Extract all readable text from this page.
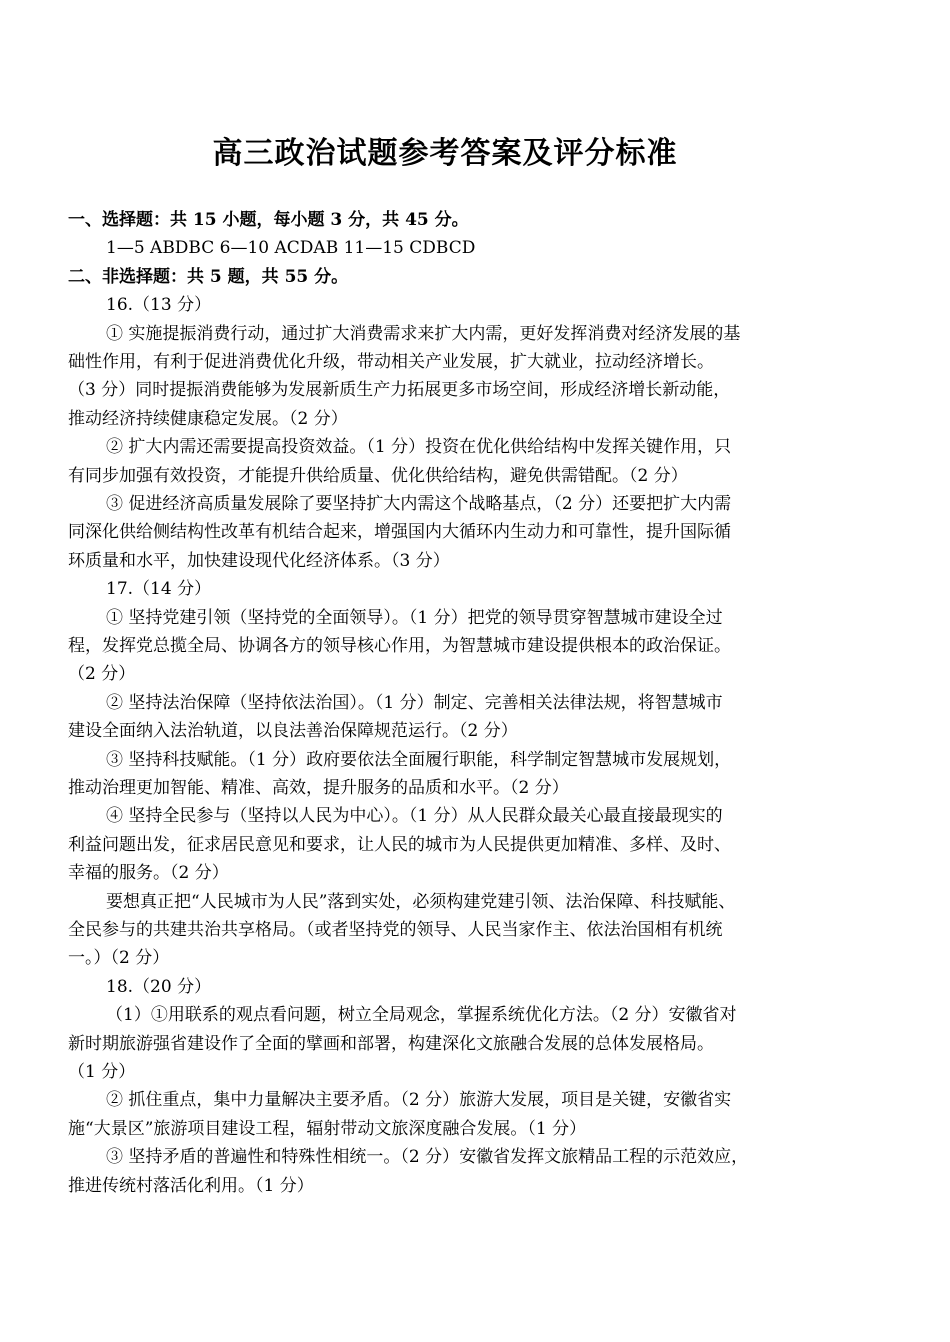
高三政治试题参考答案及评分标准
一、选择题：共 15 小题，每小题 3 分，共 45 分。
1—5 ABDBC 6—10 ACDAB 11—15 CDBCD
二、非选择题：共 5 题，共 55 分。
16.（13 分）
① 实施提振消费行动，通过扩大消费需求来扩大内需，更好发挥消费对经济发展的基
础性作用，有利于促进消费优化升级，带动相关产业发展，扩大就业，拉动经济增长。
（3 分）同时提振消费能够为发展新质生产力拓展更多市场空间，形成经济增长新动能，
推动经济持续健康稳定发展。（2 分）
② 扩大内需还需要提高投资效益。（1 分）投资在优化供给结构中发挥关键作用，只
有同步加强有效投资，才能提升供给质量、优化供给结构，避免供需错配。（2 分）
③ 促进经济高质量发展除了要坚持扩大内需这个战略基点，（2 分）还要把扩大内需
同深化供给侧结构性改革有机结合起来，增强国内大循环内生动力和可靠性，提升国际循
环质量和水平，加快建设现代化经济体系。（3 分）
17.（14 分）
① 坚持党建引领（坚持党的全面领导）。（1 分）把党的领导贯穿智慧城市建设全过
程，发挥党总揽全局、协调各方的领导核心作用，为智慧城市建设提供根本的政治保证。
（2 分）
② 坚持法治保障（坚持依法治国）。（1 分）制定、完善相关法律法规，将智慧城市
建设全面纳入法治轨道，以良法善治保障规范运行。（2 分）
③ 坚持科技赋能。（1 分）政府要依法全面履行职能，科学制定智慧城市发展规划，
推动治理更加智能、精准、高效，提升服务的品质和水平。（2 分）
④ 坚持全民参与（坚持以人民为中心）。（1 分）从人民群众最关心最直接最现实的
利益问题出发，征求居民意见和要求，让人民的城市为人民提供更加精准、多样、及时、
幸福的服务。（2 分）
要想真正把“人民城市为人民”落到实处，必须构建党建引领、法治保障、科技赋能、
全民参与的共建共治共享格局。（或者坚持党的领导、人民当家作主、依法治国相有机统
一。）（2 分）
18.（20 分）
（1）①用联系的观点看问题，树立全局观念，掌握系统优化方法。（2 分）安徽省对
新时期旅游强省建设作了全面的擘画和部署，构建深化文旅融合发展的总体发展格局。
（1 分）
② 抓住重点，集中力量解决主要矛盾。（2 分）旅游大发展，项目是关键，安徽省实
施“大景区”旅游项目建设工程，辐射带动文旅深度融合发展。（1 分）
③ 坚持矛盾的普遍性和特殊性相统一。（2 分）安徽省发挥文旅精品工程的示范效应，
推进传统村落活化利用。（1 分）
